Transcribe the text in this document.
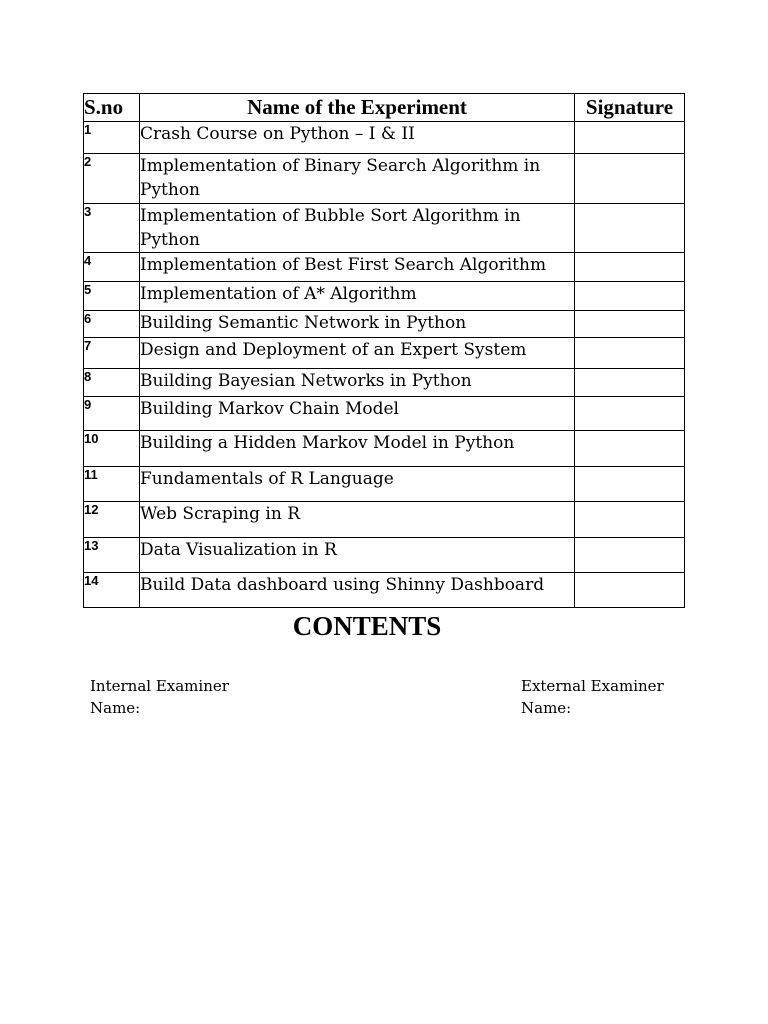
S.no	Name of the Experiment	Signature
1	Crash Course on Python – I & II	
2	Implementation of Binary Search Algorithm in Python	
3	Implementation of Bubble Sort Algorithm in Python	
4	Implementation of Best First Search Algorithm	
5	Implementation of A* Algorithm	
6	Building Semantic Network in Python	
7	Design and Deployment of an Expert System	
8	Building Bayesian Networks in Python	
9	Building Markov Chain Model	
10	Building a Hidden Markov Model in Python	
11	Fundamentals of R Language	
12	Web Scraping in R	
13	Data Visualization in R	
14	Build Data dashboard using Shinny Dashboard	
CONTENTS
Internal Examiner
Name:
External Examiner
Name:
